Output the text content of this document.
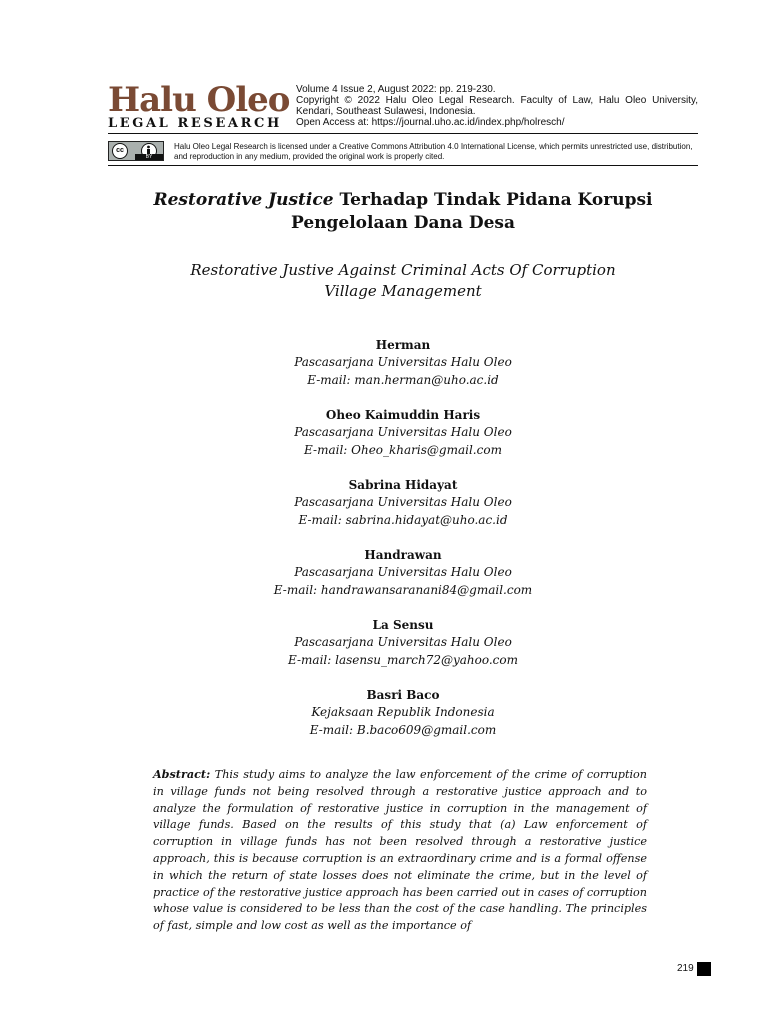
Halu Oleo
LEGAL RESEARCH
Volume 4 Issue 2, August 2022: pp. 219-230.
Copyright © 2022 Halu Oleo Legal Research. Faculty of Law, Halu Oleo University, Kendari, Southeast Sulawesi, Indonesia.
Open Access at: https://journal.uho.ac.id/index.php/holresch/
cc
BY
Halu Oleo Legal Research is licensed under a Creative Commons Attribution 4.0 International License, which permits unrestricted use, distribution, and reproduction in any medium, provided the original work is properly cited.
Restorative Justice Terhadap Tindak Pidana Korupsi
Pengelolaan Dana Desa
Restorative Justive Against Criminal Acts Of Corruption
Village Management
Herman
Pascasarjana Universitas Halu Oleo
E-mail: man.herman@uho.ac.id
Oheo Kaimuddin Haris
Pascasarjana Universitas Halu Oleo
E-mail: Oheo_kharis@gmail.com
Sabrina Hidayat
Pascasarjana Universitas Halu Oleo
E-mail: sabrina.hidayat@uho.ac.id
Handrawan
Pascasarjana Universitas Halu Oleo
E-mail: handrawansaranani84@gmail.com
La Sensu
Pascasarjana Universitas Halu Oleo
E-mail: lasensu_march72@yahoo.com
Basri Baco
Kejaksaan Republik Indonesia
E-mail: B.baco609@gmail.com
Abstract: This study aims to analyze the law enforcement of the crime of corruption in village funds not being resolved through a restorative justice approach and to analyze the formulation of restorative justice in corruption in the management of village funds. Based on the results of this study that (a) Law enforcement of corruption in village funds has not been resolved through a restorative justice approach, this is because corruption is an extraordinary crime and is a formal offense in which the return of state losses does not eliminate the crime, but in the level of practice of the restorative justice approach has been carried out in cases of corruption whose value is considered to be less than the cost of the case handling. The principles of fast, simple and low cost as well as the importance of
219
